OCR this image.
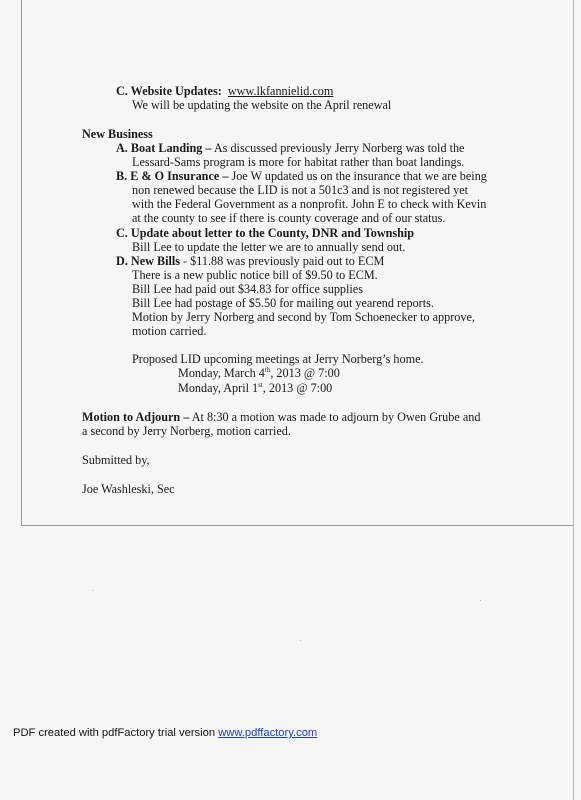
C. Website Updates: www.lkfannielid.com
We will be updating the website on the April renewal
New Business
A. Boat Landing – As discussed previously Jerry Norberg was told the
Lessard-Sams program is more for habitat rather than boat landings.
B. E & O Insurance – Joe W updated us on the insurance that we are being
non renewed because the LID is not a 501c3 and is not registered yet
with the Federal Government as a nonprofit. John E to check with Kevin
at the county to see if there is county coverage and of our status.
C. Update about letter to the County, DNR and Township
Bill Lee to update the letter we are to annually send out.
D. New Bills - $11.88 was previously paid out to ECM
There is a new public notice bill of $9.50 to ECM.
Bill Lee had paid out $34.83 for office supplies
Bill Lee had postage of $5.50 for mailing out yearend reports.
Motion by Jerry Norberg and second by Tom Schoenecker to approve,
motion carried.
Proposed LID upcoming meetings at Jerry Norberg’s home.
Monday, March 4th, 2013 @ 7:00
Monday, April 1st, 2013 @ 7:00
Motion to Adjourn – At 8:30 a motion was made to adjourn by Owen Grube and
a second by Jerry Norberg, motion carried.
Submitted by,
Joe Washleski, Sec
PDF created with pdfFactory trial version www.pdffactory.com
